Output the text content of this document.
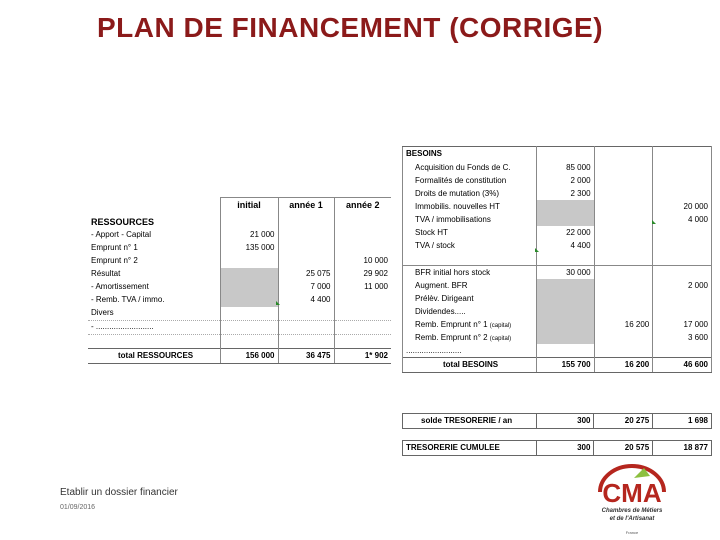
PLAN DE FINANCEMENT (CORRIGE)
RESSOURCES	initial	année 1	année 2
- Apport - Capital	21 000		
Emprunt n° 1	135 000		
Emprunt n° 2			10 000
Résultat		25 075	29 902
- Amortissement		7 000	11 000
- Remb. TVA / immo.		4 400	
Divers			
- ..........................			

total RESSOURCES	156 000	36 475	1* 902
BESOINS			
Acquisition du Fonds de C.	85 000		
Formalités de constitution	2 000		
Droits de mutation (3%)	2 300		
Immobilis. nouvelles HT			20 000
TVA / immobilisations			4 000
Stock HT	22 000		
TVA / stock	4 400		

BFR initial hors stock	30 000		
Augment. BFR			2 000
Prélèv. Dirigeant			
Dividendes.....			
Remb. Emprunt n° 1 (capital)		16 200	17 000
Remb. Emprunt n° 2 (capital)			3 600
.........................			
total BESOINS	155 700	16 200	46 600
solde TRESORERIE / an	300	20 275	1 698
TRESORERIE CUMULEE	300	20 575	18 877
Etablir un dossier financier
01/09/2016	CMA
Chambres de Métiers
et de l'Artisanat
France
